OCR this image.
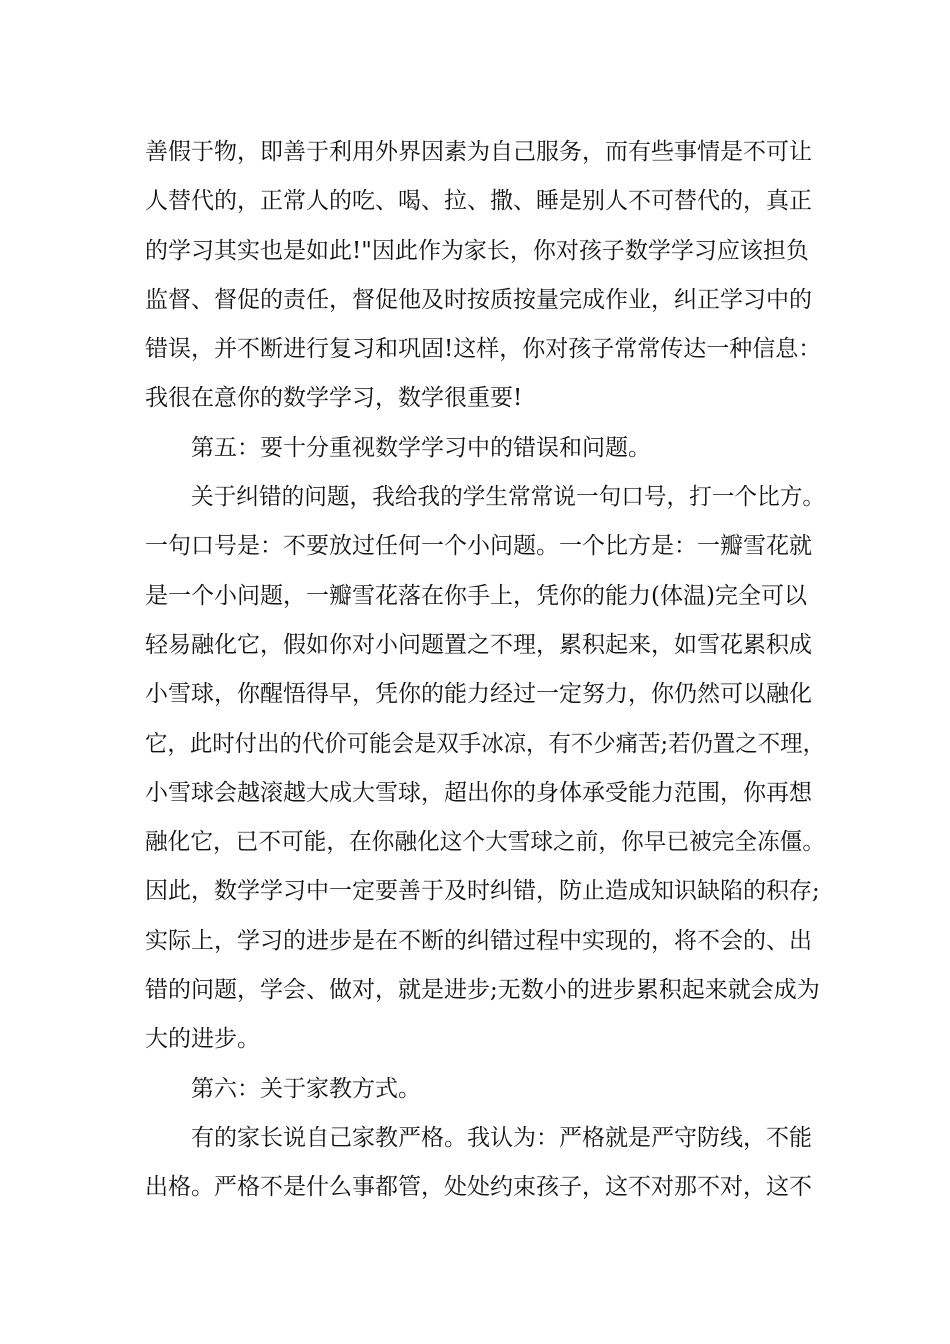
善假于物，即善于利用外界因素为自己服务，而有些事情是不可让
人替代的，正常人的吃、喝、拉、撒、睡是别人不可替代的，真正
的学习其实也是如此!"因此作为家长，你对孩子数学学习应该担负
监督、督促的责任，督促他及时按质按量完成作业，纠正学习中的
错误，并不断进行复习和巩固!这样，你对孩子常常传达一种信息：
我很在意你的数学学习，数学很重要!
第五：要十分重视数学学习中的错误和问题。
关于纠错的问题，我给我的学生常常说一句口号，打一个比方。
一句口号是：不要放过任何一个小问题。一个比方是：一瓣雪花就
是一个小问题，一瓣雪花落在你手上，凭你的能力(体温)完全可以
轻易融化它，假如你对小问题置之不理，累积起来，如雪花累积成
小雪球，你醒悟得早，凭你的能力经过一定努力，你仍然可以融化
它，此时付出的代价可能会是双手冰凉，有不少痛苦;若仍置之不理，
小雪球会越滚越大成大雪球，超出你的身体承受能力范围，你再想
融化它，已不可能，在你融化这个大雪球之前，你早已被完全冻僵。
因此，数学学习中一定要善于及时纠错，防止造成知识缺陷的积存;
实际上，学习的进步是在不断的纠错过程中实现的，将不会的、出
错的问题，学会、做对，就是进步;无数小的进步累积起来就会成为
大的进步。
第六：关于家教方式。
有的家长说自己家教严格。我认为：严格就是严守防线，不能
出格。严格不是什么事都管，处处约束孩子，这不对那不对，这不
